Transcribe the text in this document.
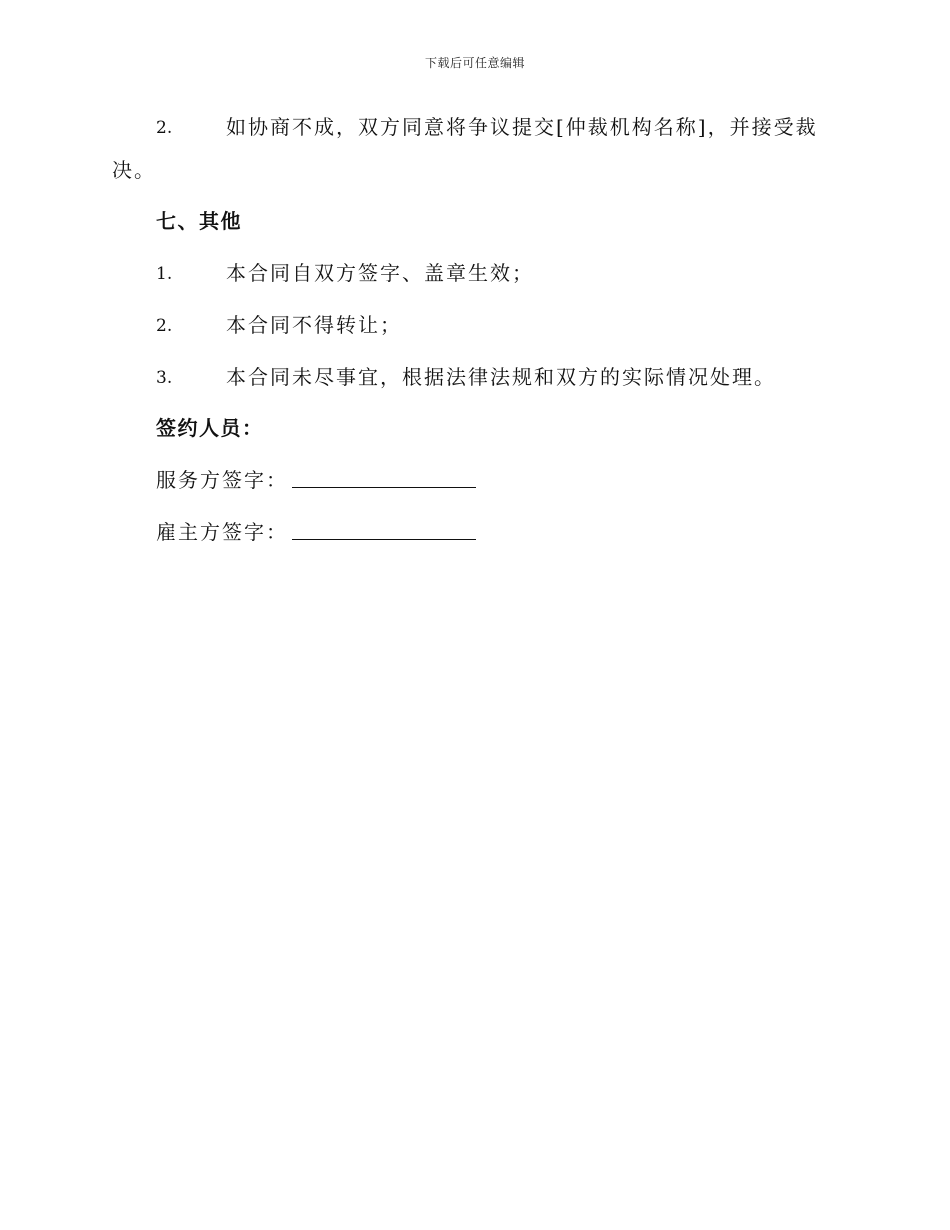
下载后可任意编辑
2.	如协商不成，双方同意将争议提交[仲裁机构名称]，并接受裁
决。
七、其他
1.	本合同自双方签字、盖章生效；
2.	本合同不得转让；
3.	本合同未尽事宜，根据法律法规和双方的实际情况处理。
签约人员：
服务方签字：
雇主方签字：
